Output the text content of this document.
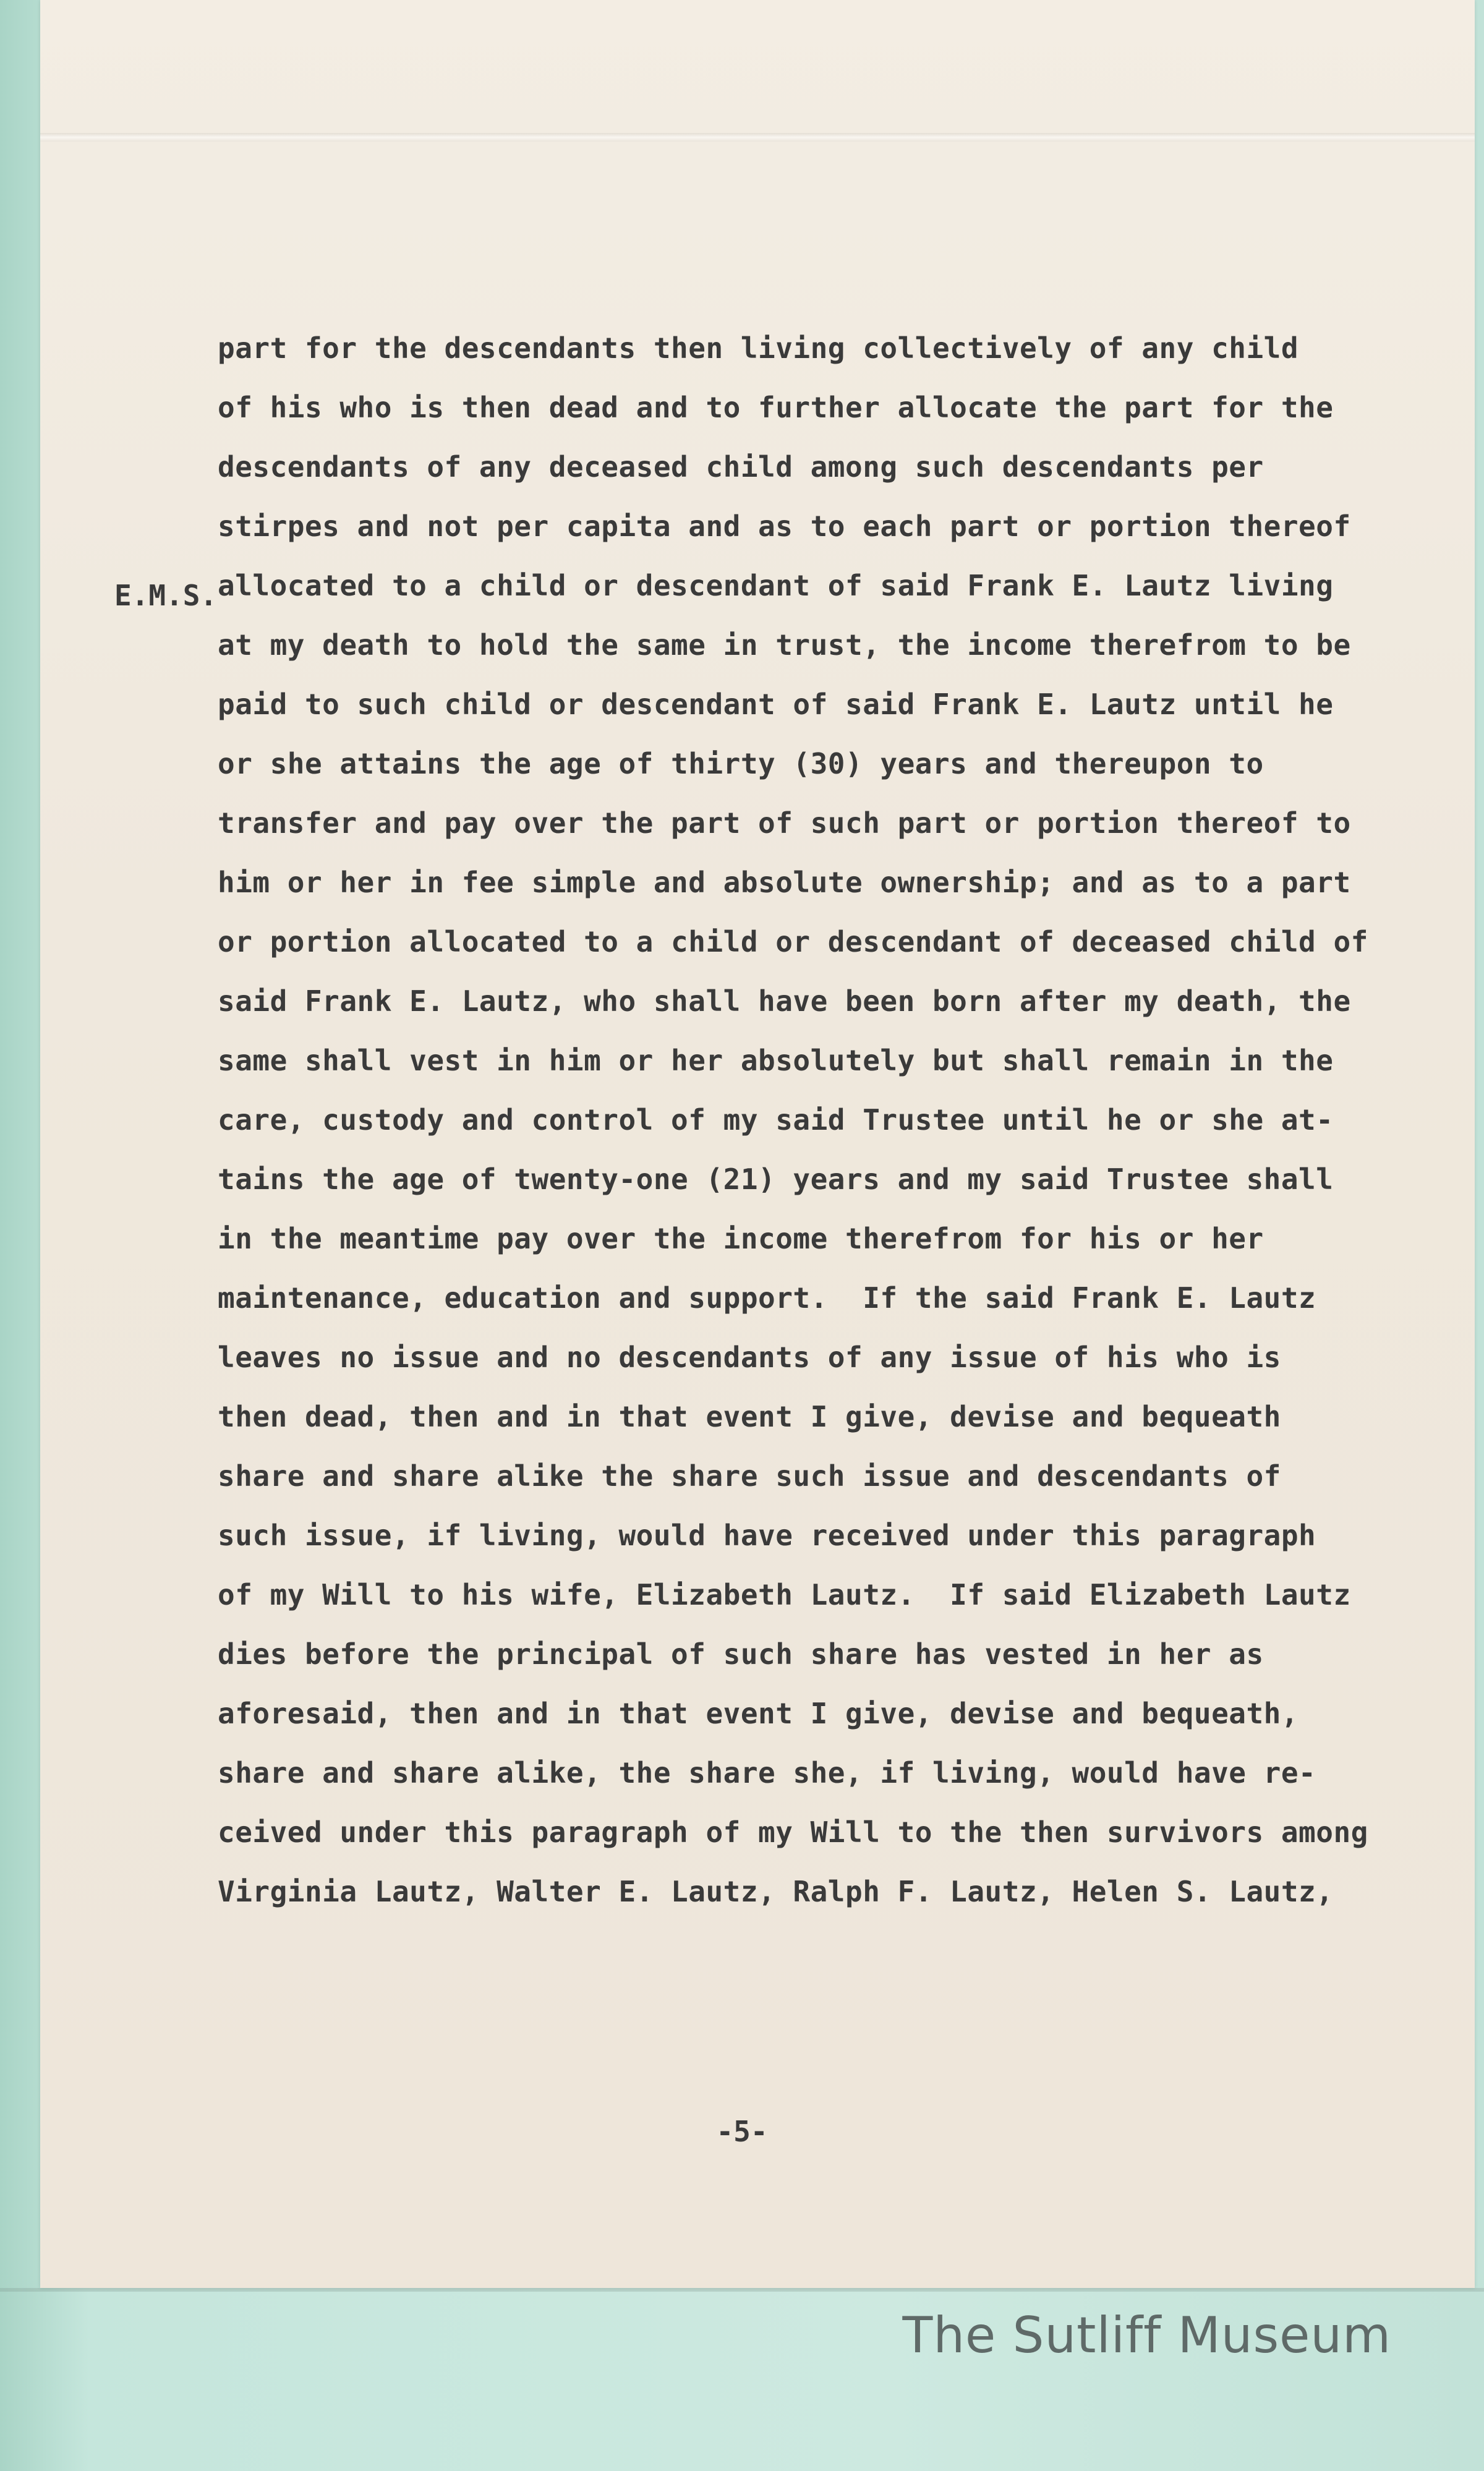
E.M.S.
part for the descendants then living collectively of any child
of his who is then dead and to further allocate the part for the
descendants of any deceased child among such descendants per
stirpes and not per capita and as to each part or portion thereof
allocated to a child or descendant of said Frank E. Lautz living
at my death to hold the same in trust, the income therefrom to be
paid to such child or descendant of said Frank E. Lautz until he
or she attains the age of thirty (30) years and thereupon to
transfer and pay over the part of such part or portion thereof to
him or her in fee simple and absolute ownership; and as to a part
or portion allocated to a child or descendant of deceased child of
said Frank E. Lautz, who shall have been born after my death, the
same shall vest in him or her absolutely but shall remain in the
care, custody and control of my said Trustee until he or she at-
tains the age of twenty-one (21) years and my said Trustee shall
in the meantime pay over the income therefrom for his or her
maintenance, education and support.  If the said Frank E. Lautz
leaves no issue and no descendants of any issue of his who is
then dead, then and in that event I give, devise and bequeath
share and share alike the share such issue and descendants of
such issue, if living, would have received under this paragraph
of my Will to his wife, Elizabeth Lautz.  If said Elizabeth Lautz
dies before the principal of such share has vested in her as
aforesaid, then and in that event I give, devise and bequeath,
share and share alike, the share she, if living, would have re-
ceived under this paragraph of my Will to the then survivors among
Virginia Lautz, Walter E. Lautz, Ralph F. Lautz, Helen S. Lautz,
-5-
The Sutliff Museum
